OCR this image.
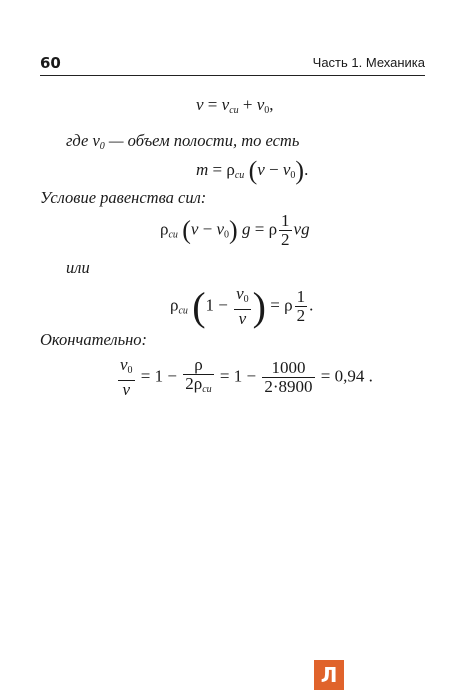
60	Часть 1. Механика
$v = v_{cu} + v_0$,
где $v_0$ — объем полости, то есть
$m = \rho_{cu}$ $(v - v_0)$.
Условие равенства сил:
$\rho_{cu}$ $(v - v_0)$ g = ρ $\frac{1}{2}$ vg
или
$\rho_{cu}$ ($1 - \frac{v_0}{v}$ ) = ρ $\frac{1}{2}$ .
Окончательно:
$\frac{v_0}{v} = 1 - \frac{\rho}{2\rho_{cu}} = 1 - \frac{1000}{2\cdot 8900} = 0,94$ .
Л
